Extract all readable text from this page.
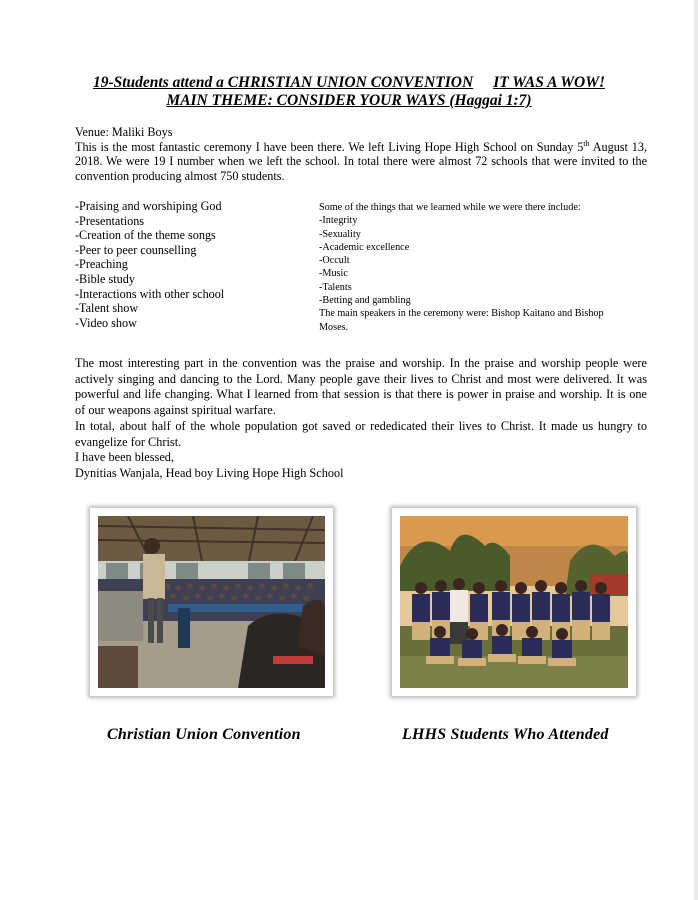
19-Students attend a CHRISTIAN UNION CONVENTION IT WAS A WOW!
MAIN THEME: CONSIDER YOUR WAYS (Haggai 1:7)

Venue: Maliki Boys

This is the most fantastic ceremony I have been there. We left Living Hope High School on Sunday 5th August 13, 2018. We were 19 I number when we left the school. In total there were almost 72 schools that were invited to the convention producing almost 750 students.

-Praising and worshiping God
-Presentations
-Creation of the theme songs
-Peer to peer counselling
-Preaching
-Bible study
-Interactions with other school
-Talent show
-Video show
Some of the things that we learned while we were there include:
-Integrity
-Sexuality
-Academic excellence
-Occult
-Music
-Talents
-Betting and gambling
The main speakers in the ceremony were: Bishop Kaitano and Bishop Moses.

The most interesting part in the convention was the praise and worship. In the praise and worship people were actively singing and dancing to the Lord. Many people gave their lives to Christ and most were delivered. It was powerful and life changing. What I learned from that session is that there is power in praise and worship. It is one of our weapons against spiritual warfare.

In total, about half of the whole population got saved or rededicated their lives to Christ. It made us hungry to evangelize for Christ.

I have been blessed,

Dynitias Wanjala, Head boy Living Hope High School

Christian Union Convention	LHHS Students Who Attended
